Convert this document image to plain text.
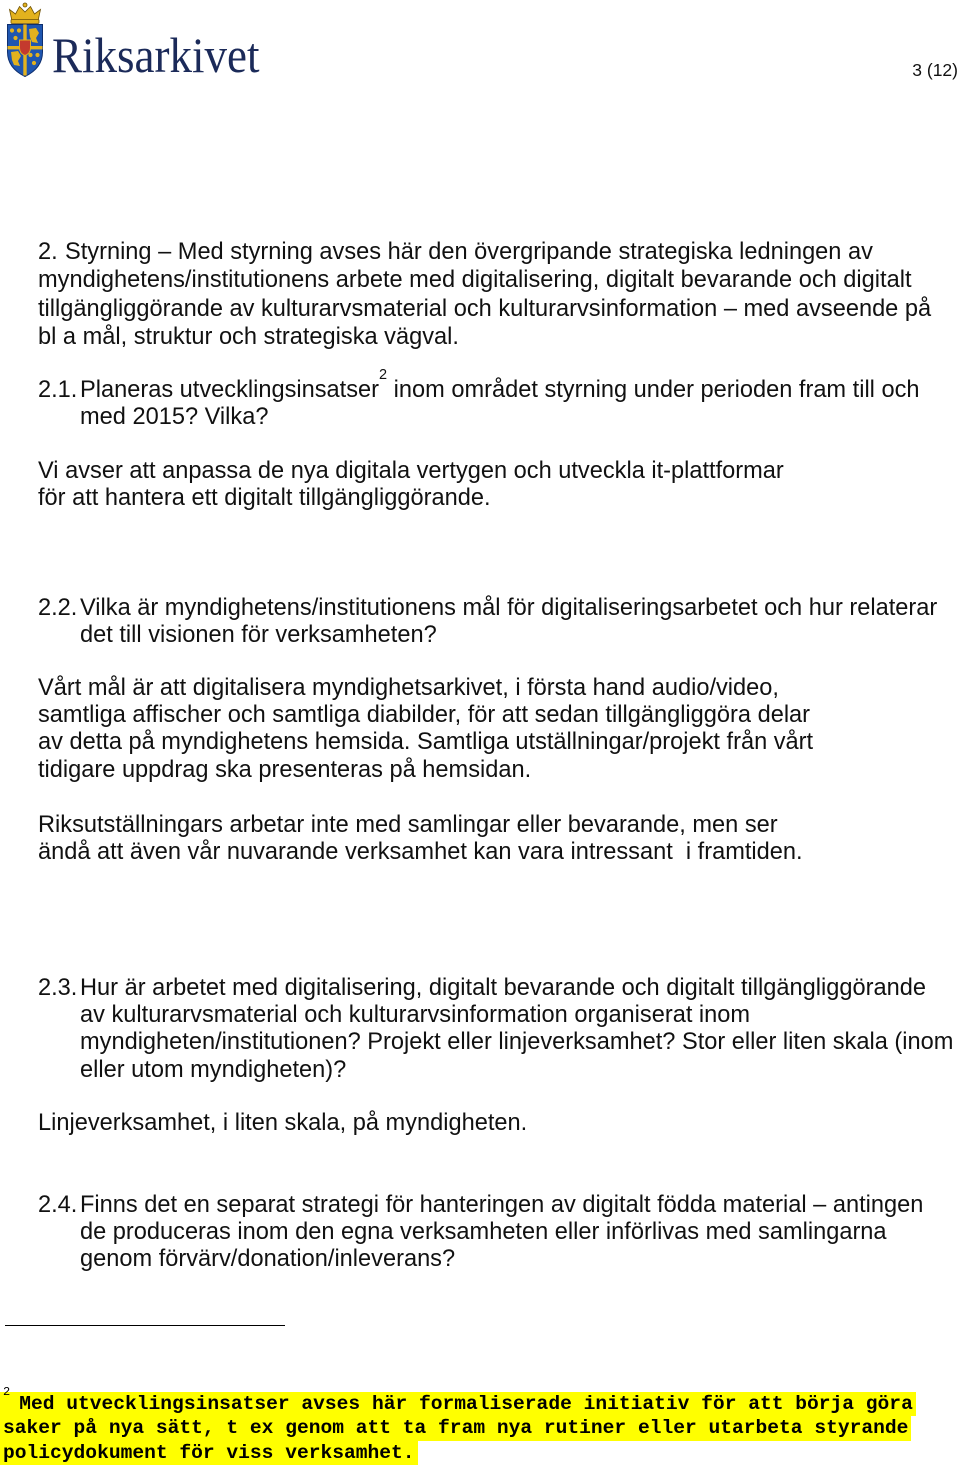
Riksarkivet	3 (12)
2. Styrning – Med styrning avses här den övergripande strategiska ledningen av
myndighetens/institutionens arbete med digitalisering, digitalt bevarande och digitalt
tillgängliggörande av kulturarvsmaterial och kulturarvsinformation – med avseende på
bl a mål, struktur och strategiska vägval.
2.1. Planeras utvecklingsinsatser$^2$ inom området styrning under perioden fram till och
med 2015? Vilka?
Vi avser att anpassa de nya digitala vertygen och utveckla it-plattformar
för att hantera ett digitalt tillgängliggörande.
2.2. Vilka är myndighetens/institutionens mål för digitaliseringsarbetet och hur relaterar
det till visionen för verksamheten?
Vårt mål är att digitalisera myndighetsarkivet, i första hand audio/video,
samtliga affischer och samtliga diabilder, för att sedan tillgängliggöra delar
av detta på myndighetens hemsida. Samtliga utställningar/projekt från vårt
tidigare uppdrag ska presenteras på hemsidan.
Riksutställningars arbetar inte med samlingar eller bevarande, men ser
ändå att även vår nuvarande verksamhet kan vara intressant  i framtiden.
2.3. Hur är arbetet med digitalisering, digitalt bevarande och digitalt tillgängliggörande
av kulturarvsmaterial och kulturarvsinformation organiserat inom
myndigheten/institutionen? Projekt eller linjeverksamhet? Stor eller liten skala (inom
eller utom myndigheten)?
Linjeverksamhet, i liten skala, på myndigheten.
2.4. Finns det en separat strategi för hanteringen av digitalt födda material – antingen
de produceras inom den egna verksamheten eller införlivas med samlingarna
genom förvärv/donation/inleverans?
$^2$Med utvecklingsinsatser avses här formaliserade initiativ för att börja göra
saker på nya sätt, t ex genom att ta fram nya rutiner eller utarbeta styrande
policydokument för viss verksamhet.
